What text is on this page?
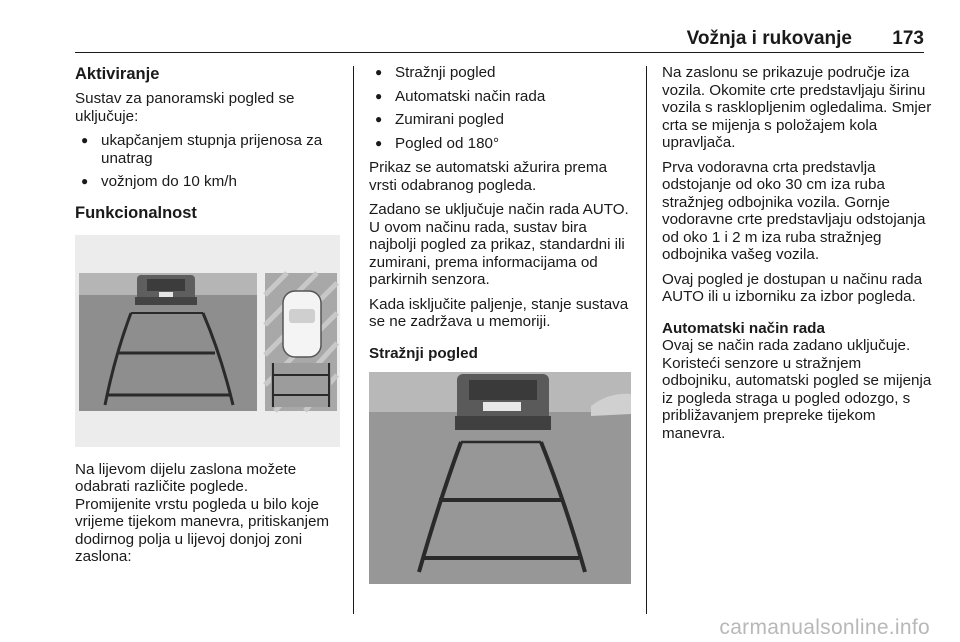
Vožnja i rukovanje 173
Aktiviranje

Sustav za panoramski pogled se uključuje:

● ukapčanjem stupnja prijenosa za unatrag
● vožnjom do 10 km/h
Funkcionalnost
Na lijevom dijelu zaslona možete odabrati različite poglede.
Promijenite vrstu pogleda u bilo koje vrijeme tijekom manevra, pritiskanjem dodirnog polja u lijevoj donjoj zoni zaslona:
● Stražnji pogled
● Automatski način rada
● Zumirani pogled
● Pogled od 180°

Prikaz se automatski ažurira prema vrsti odabranog pogleda.

Zadano se uključuje način rada AUTO. U ovom načinu rada, sustav bira najbolji pogled za prikaz, standardni ili zumirani, prema informacijama od parkirnih senzora.

Kada isključite paljenje, stanje sustava se ne zadržava u memoriji.

Stražnji pogled

Na zaslonu se prikazuje područje iza vozila. Okomite crte predstavljaju širinu vozila s rasklopljenim ogledalima. Smjer crta se mijenja s položajem kola upravljača.

Prva vodoravna crta predstavlja odstojanje od oko 30 cm iza ruba stražnjeg odbojnika vozila. Gornje vodoravne crte predstavljaju odstojanja od oko 1 i 2 m iza ruba stražnjeg odbojnika vašeg vozila.

Ovaj pogled je dostupan u načinu rada AUTO ili u izborniku za izbor pogleda.

Automatski način rada

Ovaj se način rada zadano uključuje. Koristeći senzore u stražnjem odbojniku, automatski pogled se mijenja iz pogleda straga u pogled odozgo, s približavanjem prepreke tijekom manevra.

carmanualsonline.info
